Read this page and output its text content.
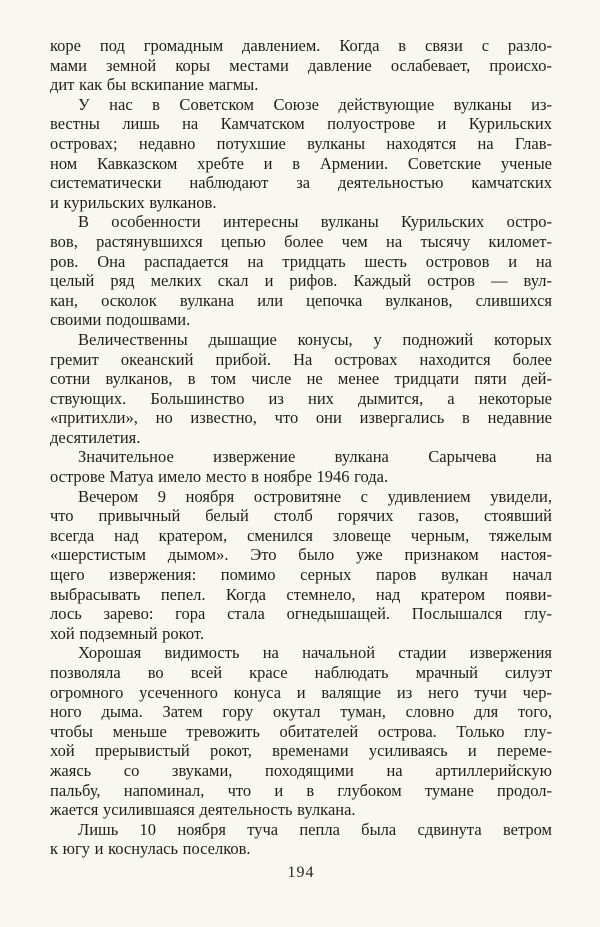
коре под громадным давлением. Когда в связи с разло-
мами земной коры местами давление ослабевает, происхо-
дит как бы вскипание магмы.
У нас в Советском Союзе действующие вулканы из-
вестны лишь на Камчатском полуострове и Курильских
островах; недавно потухшие вулканы находятся на Глав-
ном Кавказском хребте и в Армении. Советские ученые
систематически наблюдают за деятельностью камчатских
и курильских вулканов.
В особенности интересны вулканы Курильских остро-
вов, растянувшихся цепью более чем на тысячу километ-
ров. Она распадается на тридцать шесть островов и на
целый ряд мелких скал и рифов. Каждый остров — вул-
кан, осколок вулкана или цепочка вулканов, слившихся
своими подошвами.
Величественны дышащие конусы, у подножий которых
гремит океанский прибой. На островах находится более
сотни вулканов, в том числе не менее тридцати пяти дей-
ствующих. Большинство из них дымится, а некоторые
«притихли», но известно, что они извергались в недавние
десятилетия.
Значительное извержение вулкана Сарычева на
острове Матуа имело место в ноябре 1946 года.
Вечером 9 ноября островитяне с удивлением увидели,
что привычный белый столб горячих газов, стоявший
всегда над кратером, сменился зловеще черным, тяжелым
«шерстистым дымом». Это было уже признаком настоя-
щего извержения: помимо серных паров вулкан начал
выбрасывать пепел. Когда стемнело, над кратером появи-
лось зарево: гора стала огнедышащей. Послышался глу-
хой подземный рокот.
Хорошая видимость на начальной стадии извержения
позволяла во всей красе наблюдать мрачный силуэт
огромного усеченного конуса и валящие из него тучи чер-
ного дыма. Затем гору окутал туман, словно для того,
чтобы меньше тревожить обитателей острова. Только глу-
хой прерывистый рокот, временами усиливаясь и переме-
жаясь со звуками, походящими на артиллерийскую
пальбу, напоминал, что и в глубоком тумане продол-
жается усилившаяся деятельность вулкана.
Лишь 10 ноября туча пепла была сдвинута ветром
к югу и коснулась поселков.
194
